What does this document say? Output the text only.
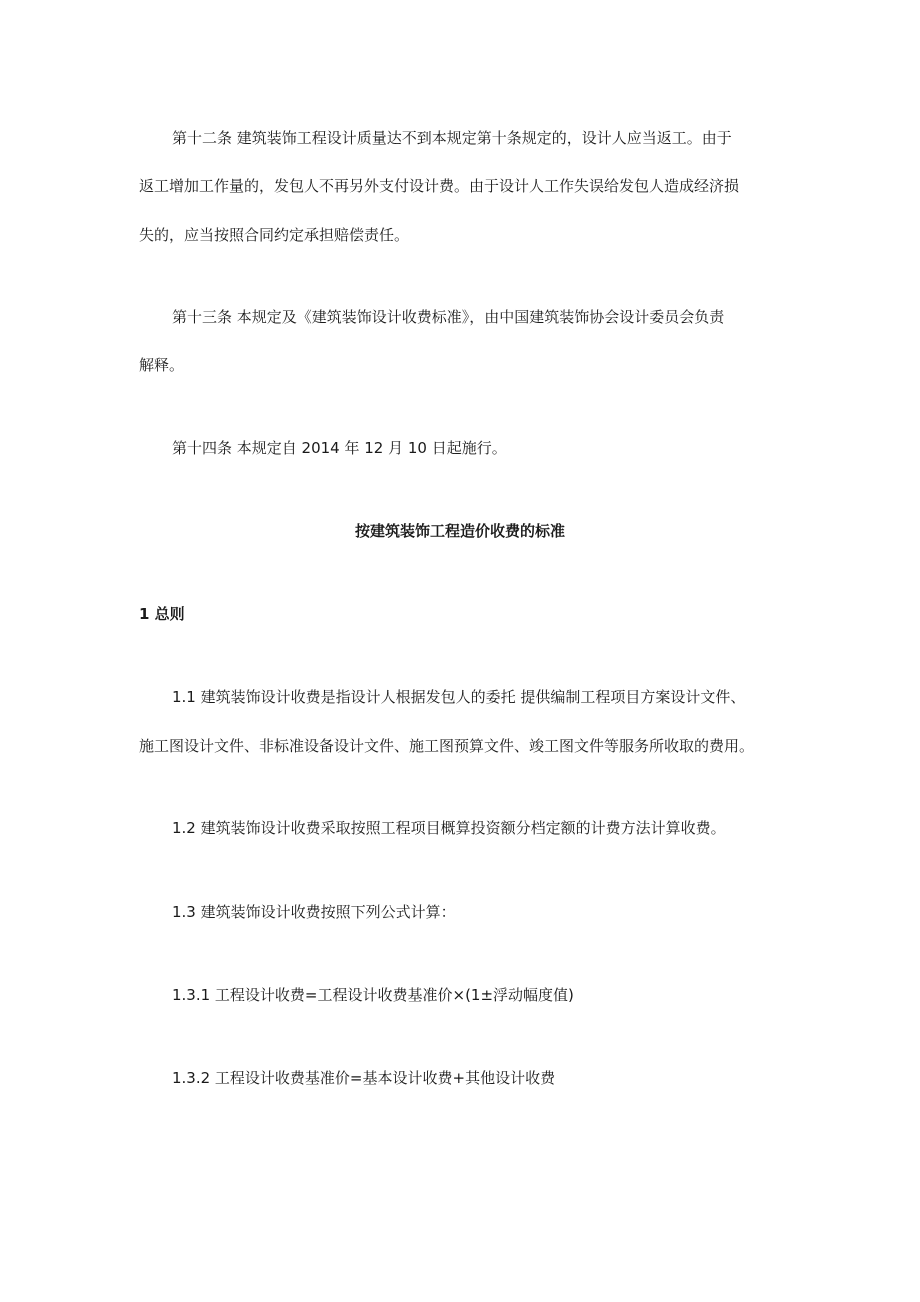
第十二条 建筑装饰工程设计质量达不到本规定第十条规定的，设计人应当返工。由于
返工增加工作量的，发包人不再另外支付设计费。由于设计人工作失误给发包人造成经济损
失的，应当按照合同约定承担赔偿责任。
第十三条 本规定及《建筑装饰设计收费标准》，由中国建筑装饰协会设计委员会负责
解释。
第十四条 本规定自 2014 年 12 月 10 日起施行。
按建筑装饰工程造价收费的标准
1 总则
1.1 建筑装饰设计收费是指设计人根据发包人的委托 提供编制工程项目方案设计文件、
施工图设计文件、非标准设备设计文件、施工图预算文件、竣工图文件等服务所收取的费用。
1.2 建筑装饰设计收费采取按照工程项目概算投资额分档定额的计费方法计算收费。
1.3 建筑装饰设计收费按照下列公式计算：
1.3.1 工程设计收费=工程设计收费基准价×(1±浮动幅度值)
1.3.2 工程设计收费基准价=基本设计收费+其他设计收费
